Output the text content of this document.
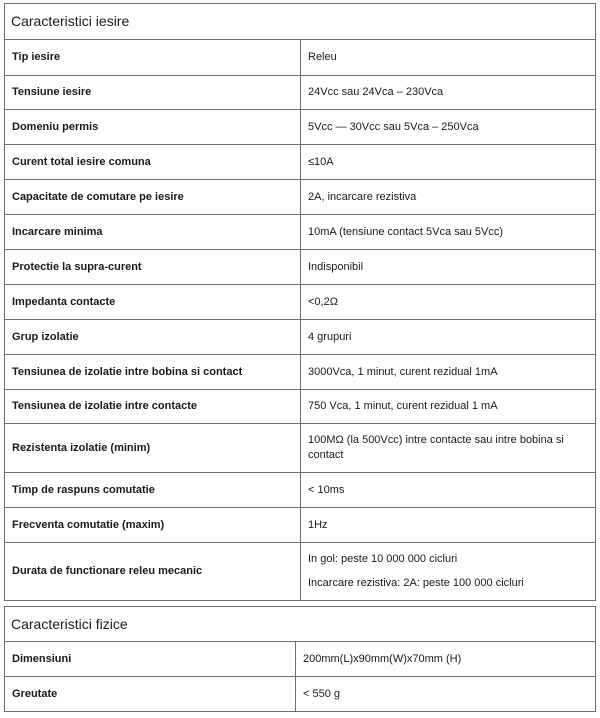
Caracteristici iesire	
Tip iesire	Releu

Tensiune iesire	24Vcc sau 24Vca – 230Vca

Domeniu permis	5Vcc — 30Vcc sau 5Vca – 250Vca

Curent total iesire comuna	≤10A

Capacitate de comutare pe iesire	2A, incarcare rezistiva

Incarcare minima	10mA (tensiune contact 5Vca sau 5Vcc)

Protectie la supra-curent	Indisponibil

Impedanta contacte	<0,2Ω

Grup izolatie	4 grupuri

Tensiunea de izolatie intre bobina si contact	3000Vca, 1 minut, curent rezidual 1mA

Tensiunea de izolatie intre contacte	750 Vca, 1 minut, curent rezidual 1 mA

Rezistenta izolatie (minim)	100MΩ (la 500Vcc) intre contacte sau intre bobina si contact

Timp de raspuns comutatie	< 10ms

Frecventa comutatie (maxim)	1Hz

Durata de functionare releu mecanic	In gol: peste 10 000 000 cicluri
Incarcare rezistiva: 2A: peste 100 000 cicluri
Caracteristici fizice	
Dimensiuni	200mm(L)x90mm(W)x70mm (H)

Greutate	< 550 g
